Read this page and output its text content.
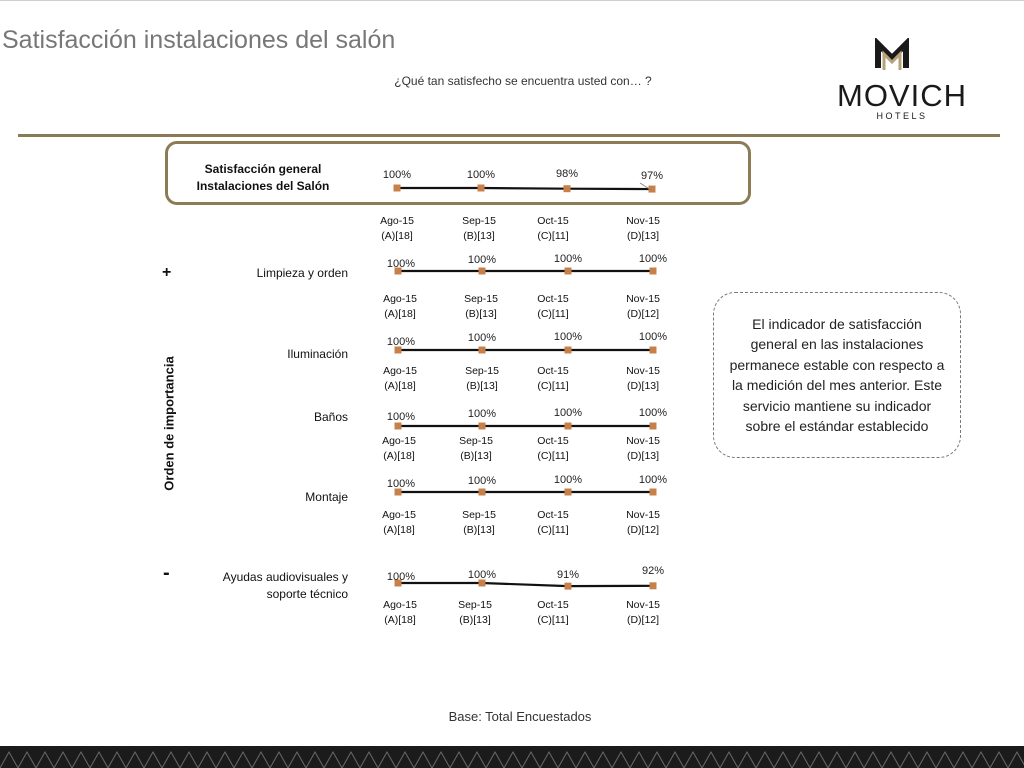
Satisfacción instalaciones del salón
¿Qué tan satisfecho se encuentra usted con… ?	MOVICH
HOTELS
Satisfacción general
Instalaciones del Salón
Limpieza y orden
Iluminación
Baños
Montaje
Ayudas audiovisuales y
soporte técnico
+
-
Orden de importancia
El indicador de satisfacción general en las instalaciones permanece estable con respecto a la medición del mes anterior. Este servicio mantiene su indicador sobre el estándar establecido
Base: Total Encuestados
100%
Ago-15
(A)[18]
100%
Sep-15
(B)[13]
98%
Oct-15
(C)[11]
97%
Nov-15
(D)[13]
100%
Ago-15
(A)[18]
100%
Sep-15
(B)[13]
100%
Oct-15
(C)[11]
100%
Nov-15
(D)[12]
100%
Ago-15
(A)[18]
100%
Sep-15
(B)[13]
100%
Oct-15
(C)[11]
100%
Nov-15
(D)[13]
100%
Ago-15
(A)[18]
100%
Sep-15
(B)[13]
100%
Oct-15
(C)[11]
100%
Nov-15
(D)[13]
100%
Ago-15
(A)[18]
100%
Sep-15
(B)[13]
100%
Oct-15
(C)[11]
100%
Nov-15
(D)[12]
100%
Ago-15
(A)[18]
100%
Sep-15
(B)[13]
91%
Oct-15
(C)[11]
92%
Nov-15
(D)[12]
